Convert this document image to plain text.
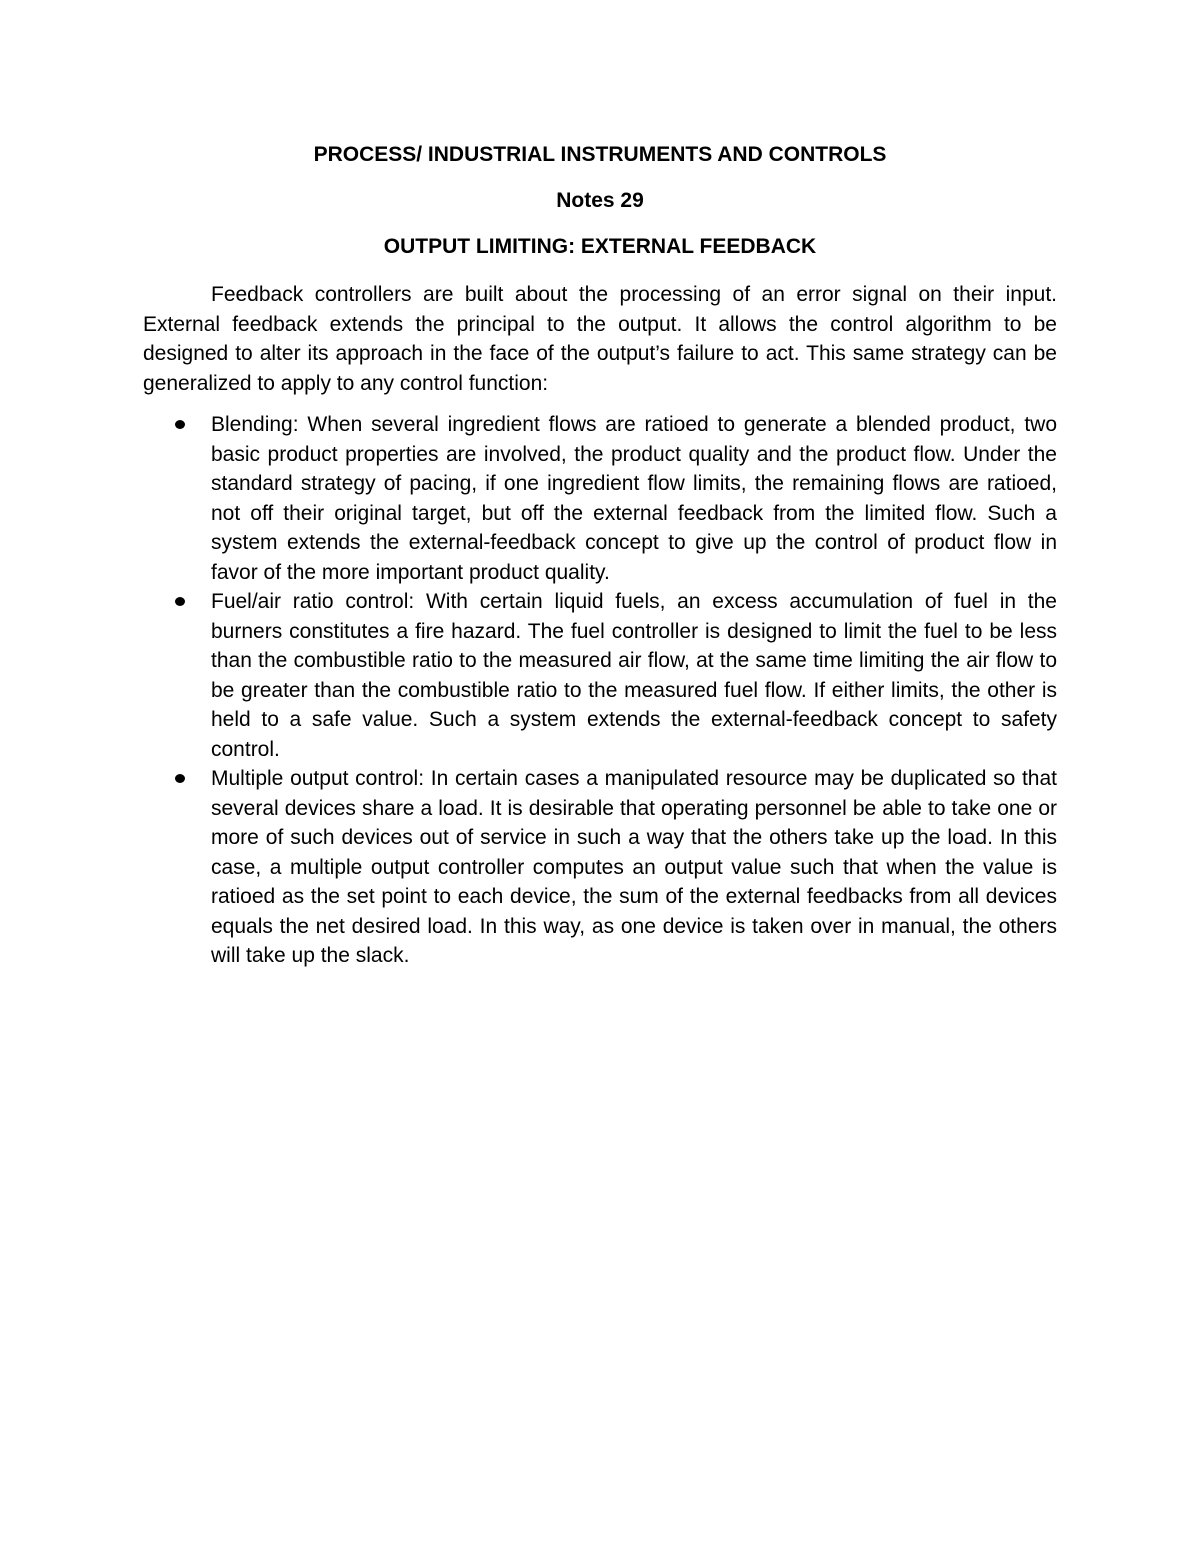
PROCESS/ INDUSTRIAL INSTRUMENTS AND CONTROLS
Notes 29
OUTPUT LIMITING: EXTERNAL FEEDBACK

Feedback controllers are built about the processing of an error signal on their input. External feedback extends the principal to the output. It allows the control algorithm to be designed to alter its approach in the face of the output’s failure to act. This same strategy can be generalized to apply to any control function:

Blending: When several ingredient flows are ratioed to generate a blended product, two basic product properties are involved, the product quality and the product flow. Under the standard strategy of pacing, if one ingredient flow limits, the remaining flows are ratioed, not off their original target, but off the external feedback from the limited flow. Such a system extends the external-feedback concept to give up the control of product flow in favor of the more important product quality.
Fuel/air ratio control: With certain liquid fuels, an excess accumulation of fuel in the burners constitutes a fire hazard. The fuel controller is designed to limit the fuel to be less than the combustible ratio to the measured air flow, at the same time limiting the air flow to be greater than the combustible ratio to the measured fuel flow. If either limits, the other is held to a safe value. Such a system extends the external-feedback concept to safety control.
Multiple output control: In certain cases a manipulated resource may be duplicated so that several devices share a load. It is desirable that operating personnel be able to take one or more of such devices out of service in such a way that the others take up the load. In this case, a multiple output controller computes an output value such that when the value is ratioed as the set point to each device, the sum of the external feedbacks from all devices equals the net desired load. In this way, as one device is taken over in manual, the others will take up the slack.
